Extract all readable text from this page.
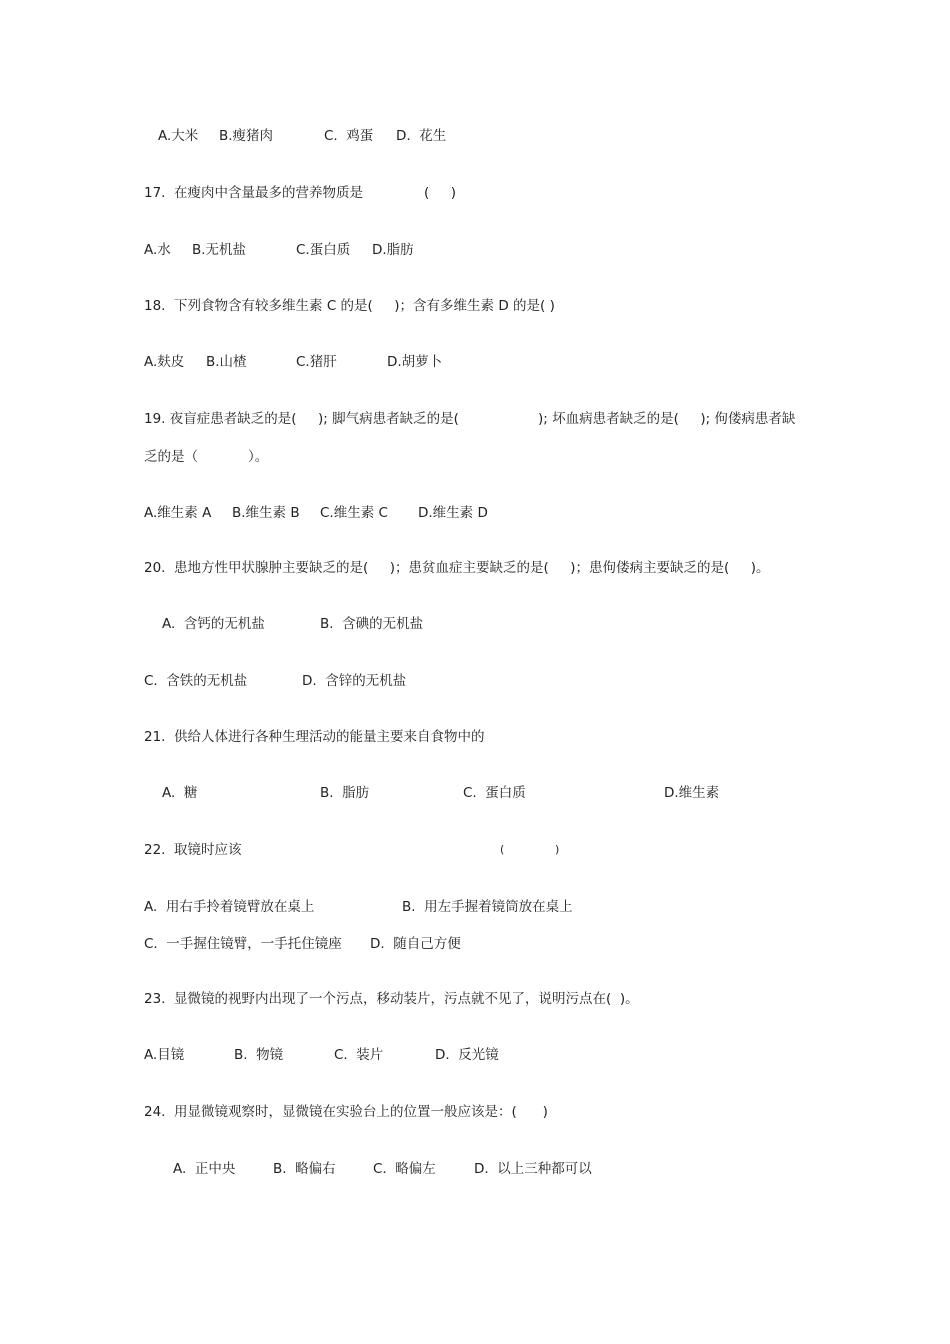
A.大米

B.瘦猪肉

	C.  鸡蛋

D.  花生

17.  在瘦肉中含量最多的营养物质是

	(     )

A.水

B.无机盐

	C.蛋白质

D.脂肪

18.  下列食物含有较多维生素 C 的是(     )；含有多维生素 D 的是( )

A.麸皮

B.山楂

	C.猪肝

	D.胡萝卜

19. 夜盲症患者缺乏的是(     ); 脚气病患者缺乏的是(

	); 坏血病患者缺乏的是(     ); 佝偻病患者缺

乏的是（

	）。

A.维生素 A

B.维生素 B

C.维生素 C

D.维生素 D

20.  患地方性甲状腺肿主要缺乏的是(     )；患贫血症主要缺乏的是(     )；患佝偻病主要缺乏的是(     )。

A.  含钙的无机盐

	B.  含碘的无机盐

C.  含铁的无机盐

	D.  含锌的无机盐

21.  供给人体进行各种生理活动的能量主要来自食物中的

A.  糖

	B.  脂肪

	C.  蛋白质

	D.维生素

22.  取镜时应该

	(

	)

A.  用右手拎着镜臂放在桌上

	B.  用左手握着镜筒放在桌上

C.  一手握住镜臂，一手托住镜座

D.  随自己方便

23.  显微镜的视野内出现了一个污点，移动装片，污点就不见了，说明污点在(  )。

A.目镜

	B.  物镜

	C.  装片

	D.  反光镜

24.  用显微镜观察时，显微镜在实验台上的位置一般应该是：(      )

A.  正中央

	B.  略偏右

	C.  略偏左

	D.  以上三种都可以
